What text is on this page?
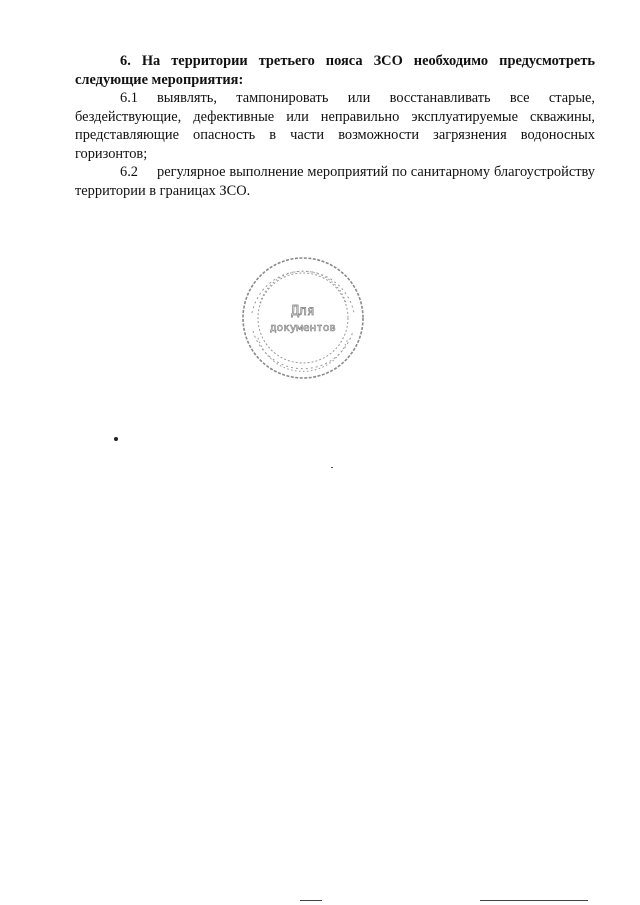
6. На территории третьего пояса ЗСО необходимо предусмотреть следующие мероприятия:

6.1 выявлять, тампонировать или восстанавливать все старые, бездействующие, дефективные или неправильно эксплуатируемые скважины, представляющие опасность в части возможности загрязнения водоносных горизонтов;

6.2 регулярное выполнение мероприятий по санитарному благоустройству территории в границах ЗСО.

Для
документов
